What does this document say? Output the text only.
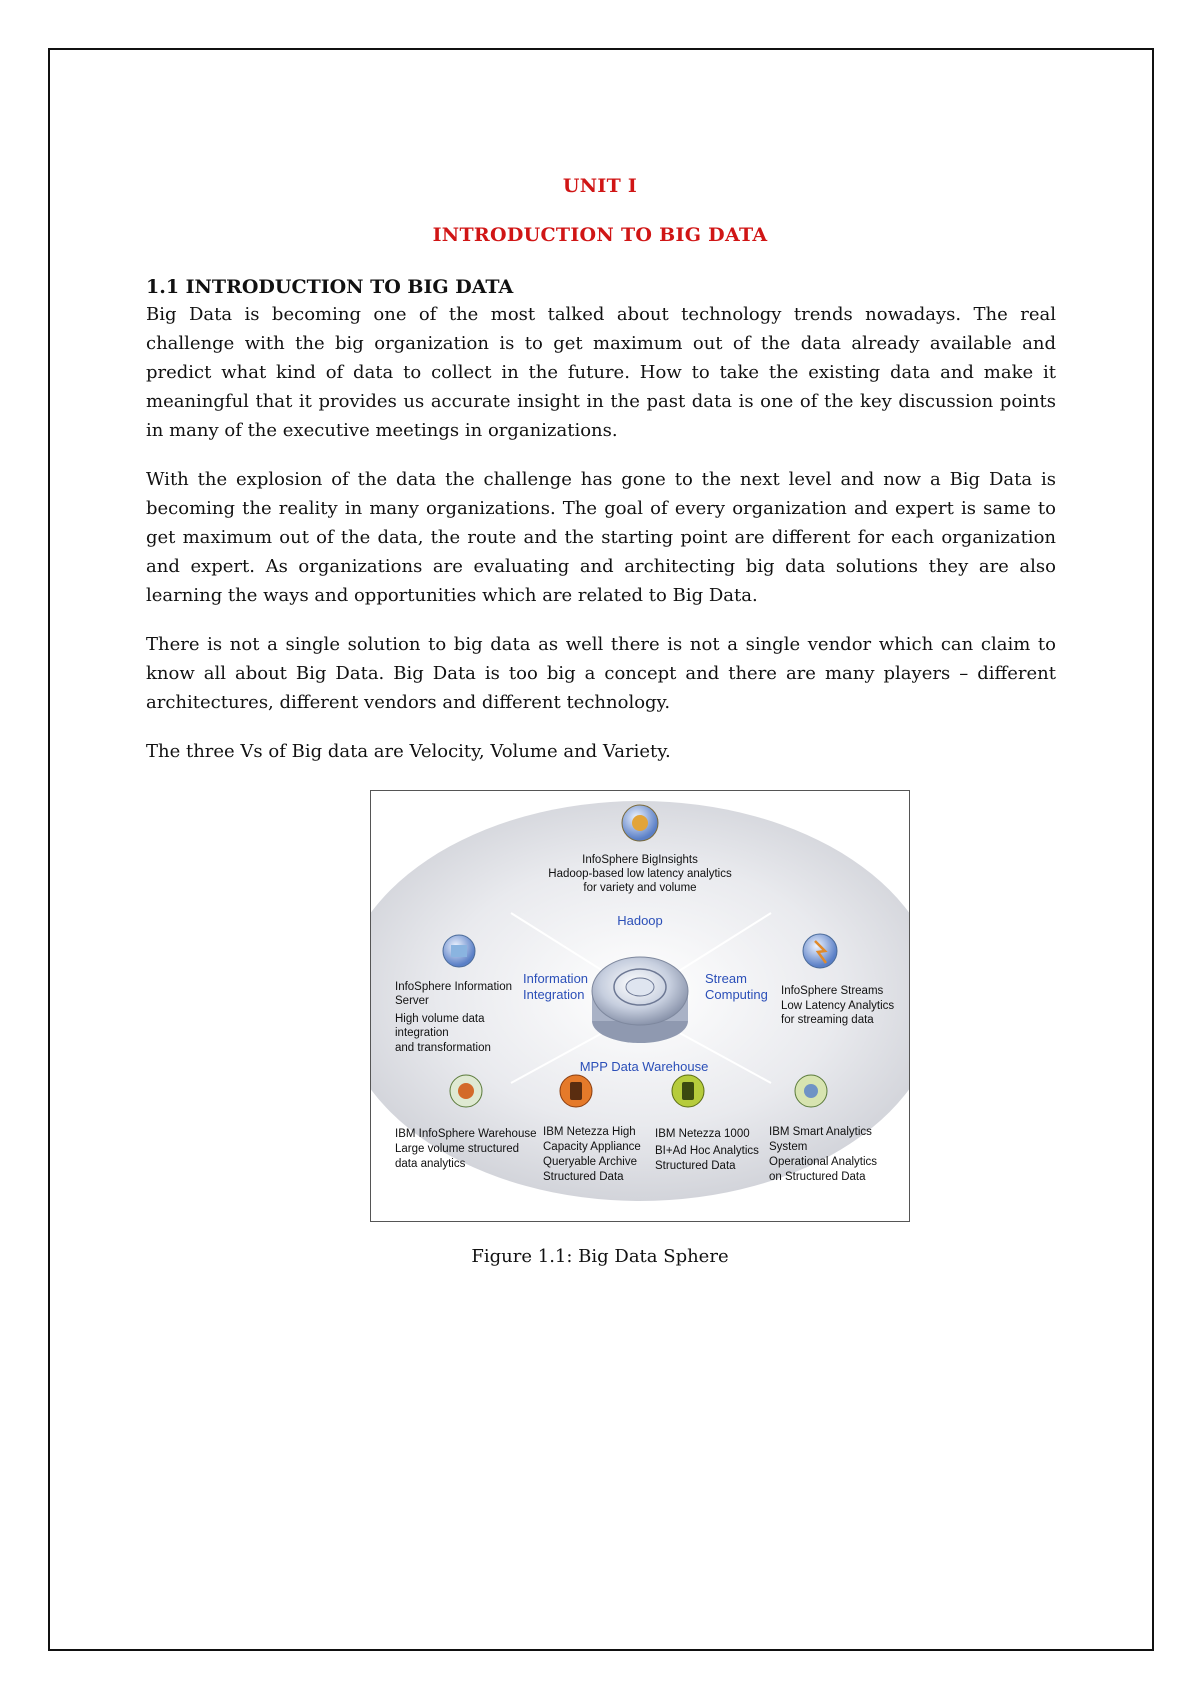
UNIT I
INTRODUCTION TO BIG DATA

1.1 INTRODUCTION TO BIG DATA

Big Data is becoming one of the most talked about technology trends nowadays. The real challenge with the big organization is to get maximum out of the data already available and predict what kind of data to collect in the future. How to take the existing data and make it meaningful that it provides us accurate insight in the past data is one of the key discussion points in many of the executive meetings in organizations.

With the explosion of the data the challenge has gone to the next level and now a Big Data is becoming the reality in many organizations. The goal of every organization and expert is same to get maximum out of the data, the route and the starting point are different for each organization and expert. As organizations are evaluating and architecting big data solutions they are also learning the ways and opportunities which are related to Big Data.

There is not a single solution to big data as well there is not a single vendor which can claim to know all about Big Data. Big Data is too big a concept and there are many players – different architectures, different vendors and different technology.

The three Vs of Big data are Velocity, Volume and Variety.

InfoSphere BigInsights
Hadoop-based low latency analytics
for variety and volume
Hadoop
Information
Integration
Stream
Computing
MPP Data Warehouse
InfoSphere Information
Server
High volume data
integration
and transformation
InfoSphere Streams
Low Latency Analytics
for streaming data
IBM InfoSphere Warehouse
Large volume structured
data analytics
IBM Netezza High
Capacity Appliance
Queryable Archive
Structured Data
IBM Netezza 1000
BI+Ad Hoc Analytics
Structured Data
IBM Smart Analytics
System
Operational Analytics
on Structured Data
Figure 1.1: Big Data Sphere
